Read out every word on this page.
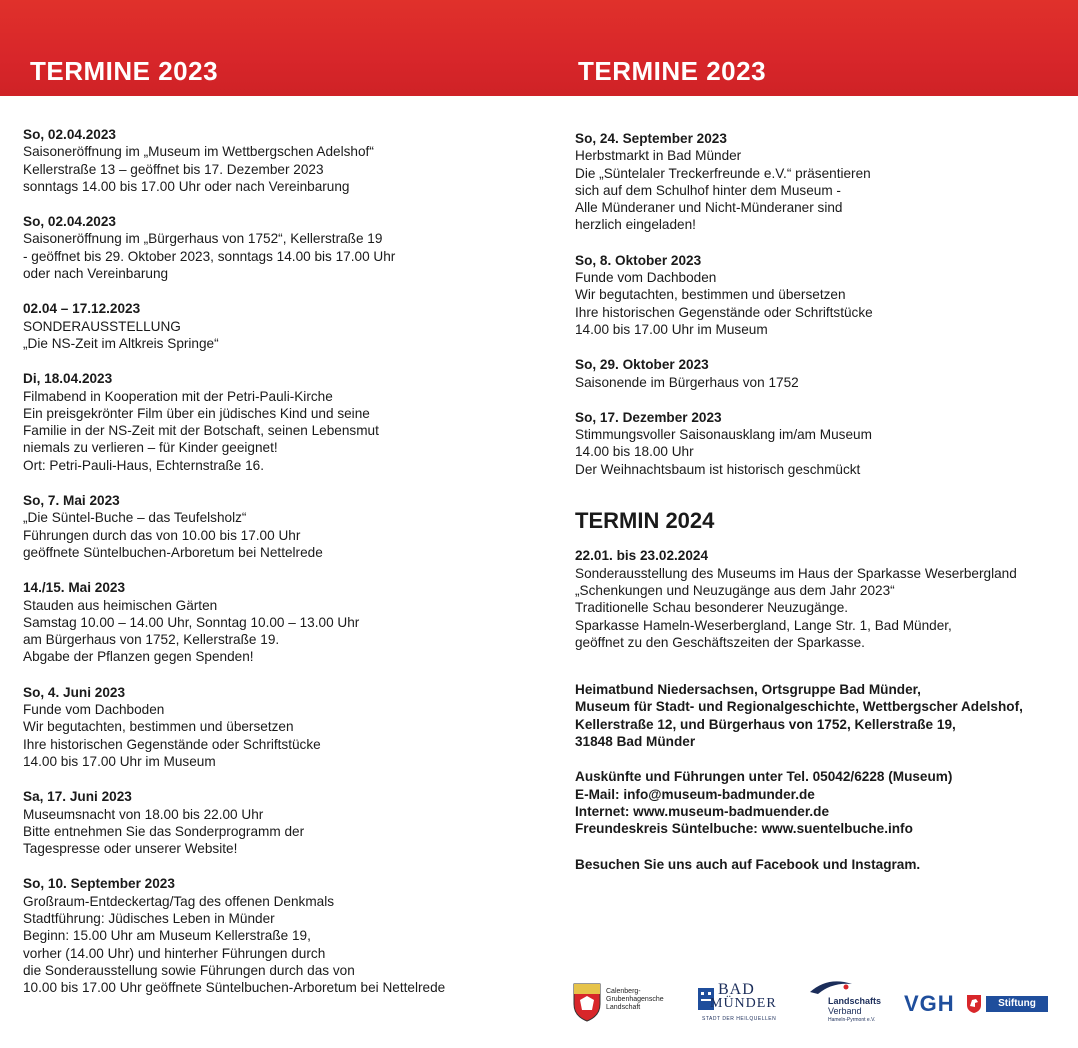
TERMINE 2023	TERMINE 2023
So, 02.04.2023
Saisoneröffnung im „Museum im Wettbergschen Adelshof“
Kellerstraße 13 – geöffnet bis 17. Dezember 2023
sonntags 14.00 bis 17.00 Uhr oder nach Vereinbarung
So, 02.04.2023
Saisoneröffnung im „Bürgerhaus von 1752“, Kellerstraße 19
- geöffnet bis 29. Oktober 2023, sonntags 14.00 bis 17.00 Uhr
oder nach Vereinbarung
02.04 – 17.12.2023
SONDERAUSSTELLUNG
„Die NS-Zeit im Altkreis Springe“
Di, 18.04.2023
Filmabend in Kooperation mit der Petri-Pauli-Kirche
Ein preisgekrönter Film über ein jüdisches Kind und seine
Familie in der NS-Zeit mit der Botschaft, seinen Lebensmut
niemals zu verlieren – für Kinder geeignet!
Ort: Petri-Pauli-Haus, Echternstraße 16.
So, 7. Mai 2023
„Die Süntel-Buche – das Teufelsholz“
Führungen durch das von 10.00 bis 17.00 Uhr
geöffnete Süntelbuchen-Arboretum bei Nettelrede
14./15. Mai 2023
Stauden aus heimischen Gärten
Samstag 10.00 – 14.00 Uhr, Sonntag 10.00 – 13.00 Uhr
am Bürgerhaus von 1752, Kellerstraße 19.
Abgabe der Pflanzen gegen Spenden!
So, 4. Juni 2023
Funde vom Dachboden
Wir begutachten, bestimmen und übersetzen
Ihre historischen Gegenstände oder Schriftstücke
14.00 bis 17.00 Uhr im Museum
Sa, 17. Juni 2023
Museumsnacht von 18.00 bis 22.00 Uhr
Bitte entnehmen Sie das Sonderprogramm der
Tagespresse oder unserer Website!
So, 10. September 2023
Großraum-Entdeckertag/Tag des offenen Denkmals
Stadtführung: Jüdisches Leben in Münder
Beginn: 15.00 Uhr am Museum Kellerstraße 19,
vorher (14.00 Uhr) und hinterher Führungen durch
die Sonderausstellung sowie Führungen durch das von
10.00 bis 17.00 Uhr geöffnete Süntelbuchen-Arboretum bei Nettelrede
So, 24. September 2023
Herbstmarkt in Bad Münder
Die „Süntelaler Treckerfreunde e.V.“ präsentieren
sich auf dem Schulhof hinter dem Museum -
Alle Münderaner und Nicht-Münderaner sind
herzlich eingeladen!
So, 8. Oktober 2023
Funde vom Dachboden
Wir begutachten, bestimmen und übersetzen
Ihre historischen Gegenstände oder Schriftstücke
14.00 bis 17.00 Uhr im Museum
So, 29. Oktober 2023
Saisonende im Bürgerhaus von 1752
So, 17. Dezember 2023
Stimmungsvoller Saisonausklang im/am Museum
14.00 bis 18.00 Uhr
Der Weihnachtsbaum ist historisch geschmückt
TERMIN 2024
22.01. bis 23.02.2024
Sonderausstellung des Museums im Haus der Sparkasse Weserbergland
„Schenkungen und Neuzugänge aus dem Jahr 2023“
Traditionelle Schau besonderer Neuzugänge.
Sparkasse Hameln-Weserbergland, Lange Str. 1, Bad Münder,
geöffnet zu den Geschäftszeiten der Sparkasse.
Heimatbund Niedersachsen, Ortsgruppe Bad Münder,
Museum für Stadt- und Regionalgeschichte, Wettbergscher Adelshof,
Kellerstraße 12, und Bürgerhaus von 1752, Kellerstraße 19,
31848 Bad Münder
Auskünfte und Führungen unter Tel. 05042/6228 (Museum)
E-Mail: info@museum-badmunder.de
Internet: www.museum-badmuender.de
Freundeskreis Süntelbuche: www.suentelbuche.info
Besuchen Sie uns auch auf Facebook und Instagram.
Calenberg-
Grubenhagensche
Landschaft
BAD
MÜNDER
STADT DER HEILQUELLEN
Landschafts
Verband
Hameln-Pyrmont e.V.
VGH	Stiftung
